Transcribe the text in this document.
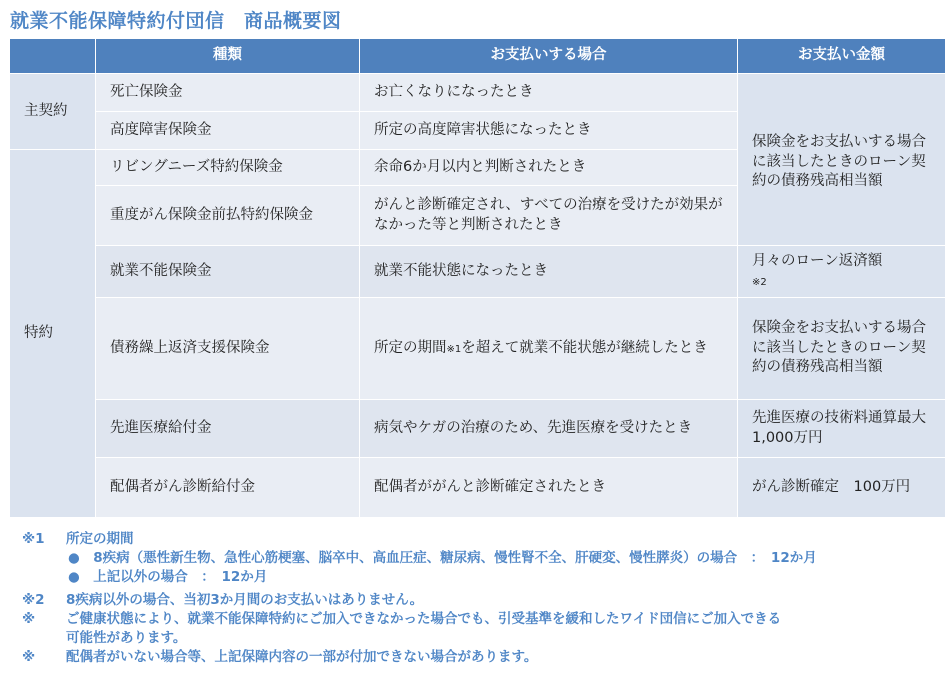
就業不能保障特約付団信　商品概要図
	種類	お支払いする場合	お支払い金額
主契約	死亡保険金	お亡くなりになったとき	保険金をお支払いする場合に該当したときのローン契約の債務残高相当額
	高度障害保険金	所定の高度障害状態になったとき	
特約	リビングニーズ特約保険金	余命6か月以内と判断されたとき	
	重度がん保険金前払特約保険金	がんと診断確定され、すべての治療を受けたが効果がなかった等と判断されたとき	
	就業不能保険金	就業不能状態になったとき	月々のローン返済額
※2
	債務繰上返済支援保険金	所定の期間※1を超えて就業不能状態が継続したとき	保険金をお支払いする場合に該当したときのローン契約の債務残高相当額
	先進医療給付金	病気やケガの治療のため、先進医療を受けたとき	先進医療の技術料通算最大1,000万円
	配偶者がん診断給付金	配偶者ががんと診断確定されたとき	がん診断確定　100万円
※1 所定の期間
●　8疾病（悪性新生物、急性心筋梗塞、脳卒中、高血圧症、糖尿病、慢性腎不全、肝硬変、慢性膵炎）の場合　：　12か月
●　上記以外の場合　：　12か月
※2 8疾病以外の場合、当初3か月間のお支払いはありません。
※ ご健康状態により、就業不能保障特約にご加入できなかった場合でも、引受基準を緩和したワイド団信にご加入できる
可能性があります。
※ 配偶者がいない場合等、上記保障内容の一部が付加できない場合があります。
